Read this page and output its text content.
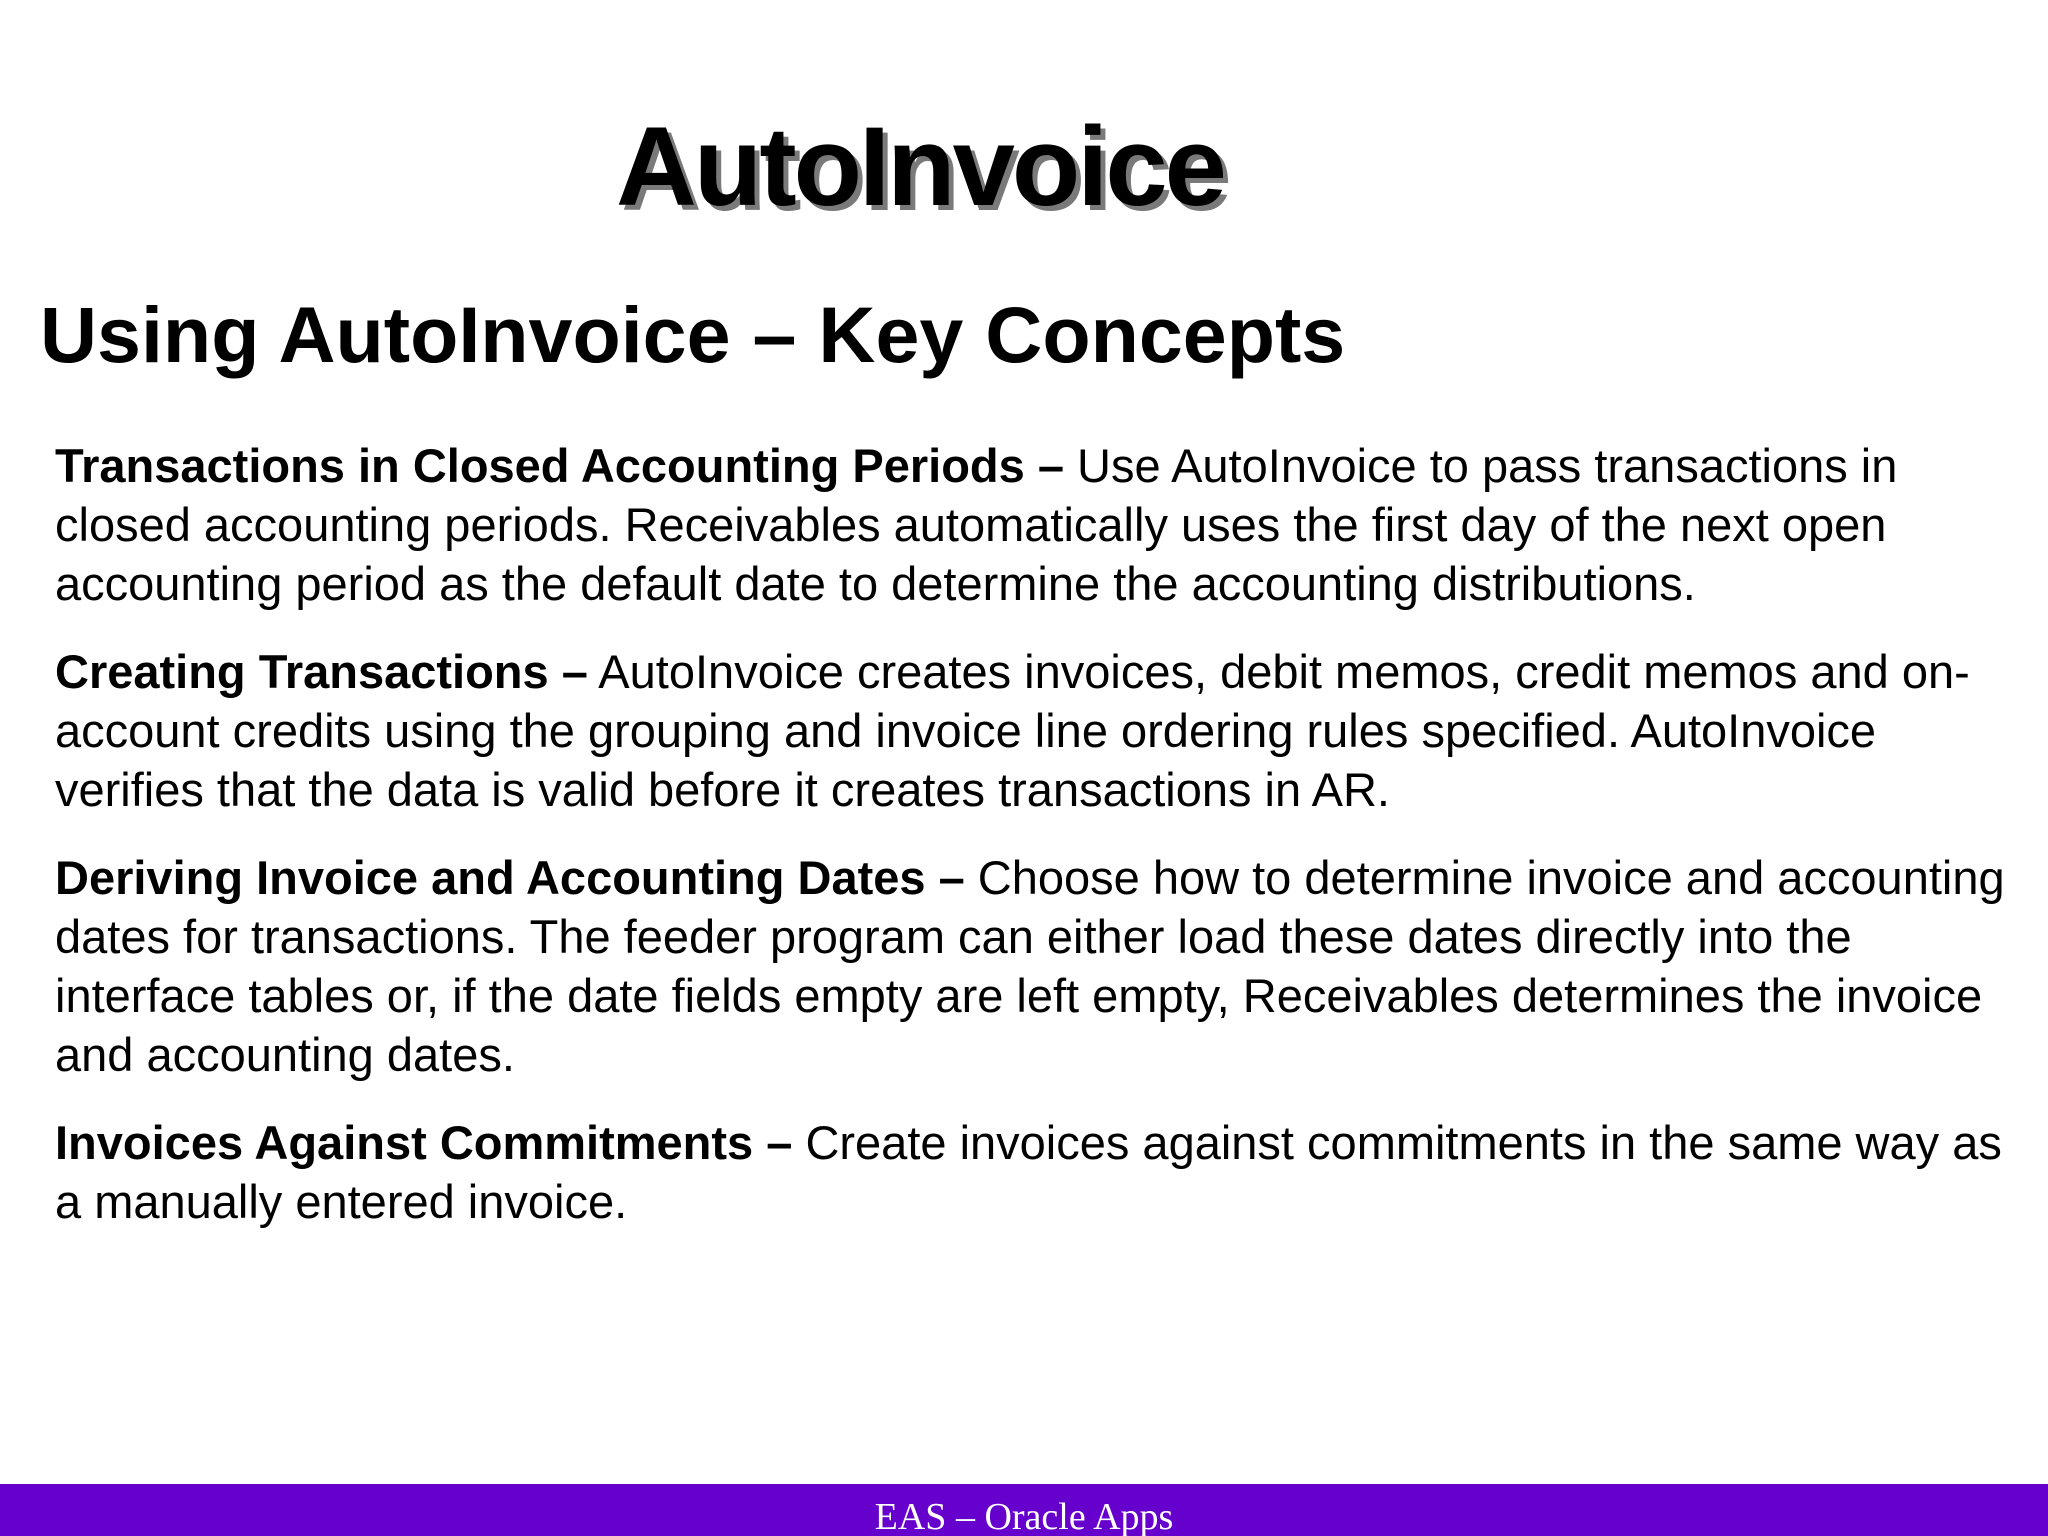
AutoInvoice
Using AutoInvoice – Key Concepts

Transactions in Closed Accounting Periods – Use AutoInvoice to pass transactions in closed accounting periods. Receivables automatically uses the first day of the next open accounting period as the default date to determine the accounting distributions.

Creating Transactions – AutoInvoice creates invoices, debit memos, credit memos and on-account credits using the grouping and invoice line ordering rules specified. AutoInvoice verifies that the data is valid before it creates transactions in AR.

Deriving Invoice and Accounting Dates – Choose how to determine invoice and accounting dates for transactions. The feeder program can either load these dates directly into the interface tables or, if the date fields empty are left empty, Receivables determines the invoice and accounting dates.

Invoices Against Commitments – Create invoices against commitments in the same way as a manually entered invoice.

EAS – Oracle Apps
